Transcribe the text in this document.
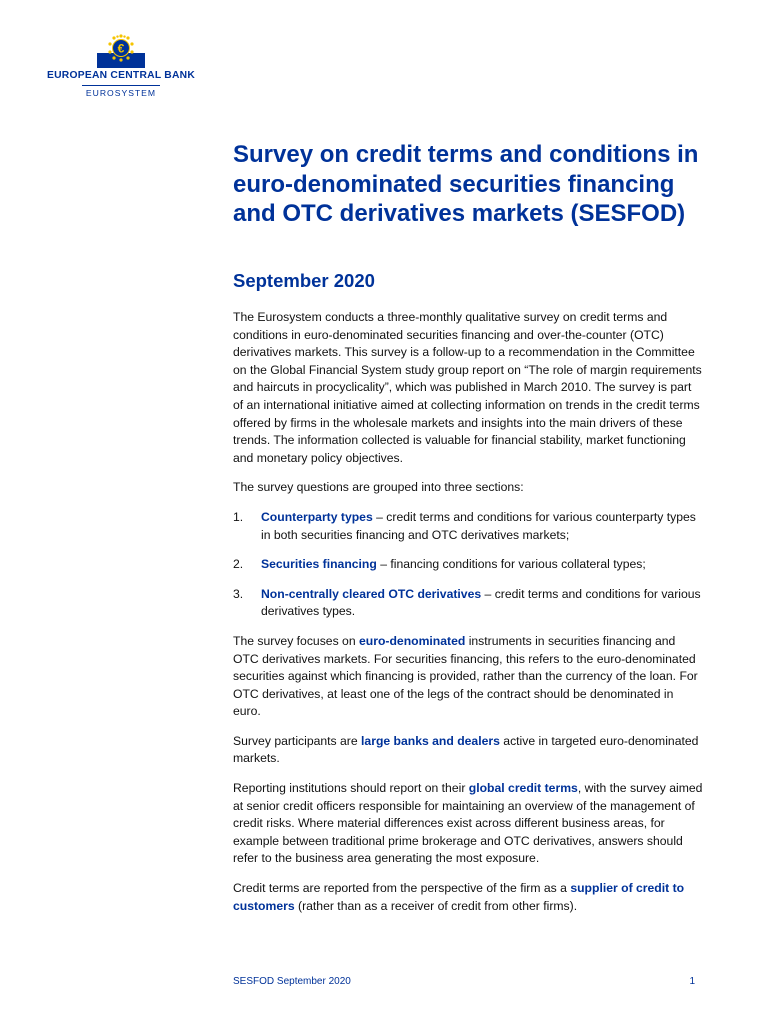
€
EUROPEAN CENTRAL BANK
EUROSYSTEM
Survey on credit terms and conditions in euro-denominated securities financing and OTC derivatives markets (SESFOD)
September 2020

The Eurosystem conducts a three-monthly qualitative survey on credit terms and conditions in euro-denominated securities financing and over-the-counter (OTC) derivatives markets. This survey is a follow-up to a recommendation in the Committee on the Global Financial System study group report on “The role of margin requirements and haircuts in procyclicality”, which was published in March 2010. The survey is part of an international initiative aimed at collecting information on trends in the credit terms offered by firms in the wholesale markets and insights into the main drivers of these trends. The information collected is valuable for financial stability, market functioning and monetary policy objectives.

The survey questions are grouped into three sections:

1. Counterparty types – credit terms and conditions for various counterparty types in both securities financing and OTC derivatives markets;
2. Securities financing – financing conditions for various collateral types;
3. Non-centrally cleared OTC derivatives – credit terms and conditions for various derivatives types.

The survey focuses on euro-denominated instruments in securities financing and OTC derivatives markets. For securities financing, this refers to the euro-denominated securities against which financing is provided, rather than the currency of the loan. For OTC derivatives, at least one of the legs of the contract should be denominated in euro.

Survey participants are large banks and dealers active in targeted euro-denominated markets.

Reporting institutions should report on their global credit terms, with the survey aimed at senior credit officers responsible for maintaining an overview of the management of credit risks. Where material differences exist across different business areas, for example between traditional prime brokerage and OTC derivatives, answers should refer to the business area generating the most exposure.

Credit terms are reported from the perspective of the firm as a supplier of credit to customers (rather than as a receiver of credit from other firms).

SESFOD September 2020	1
